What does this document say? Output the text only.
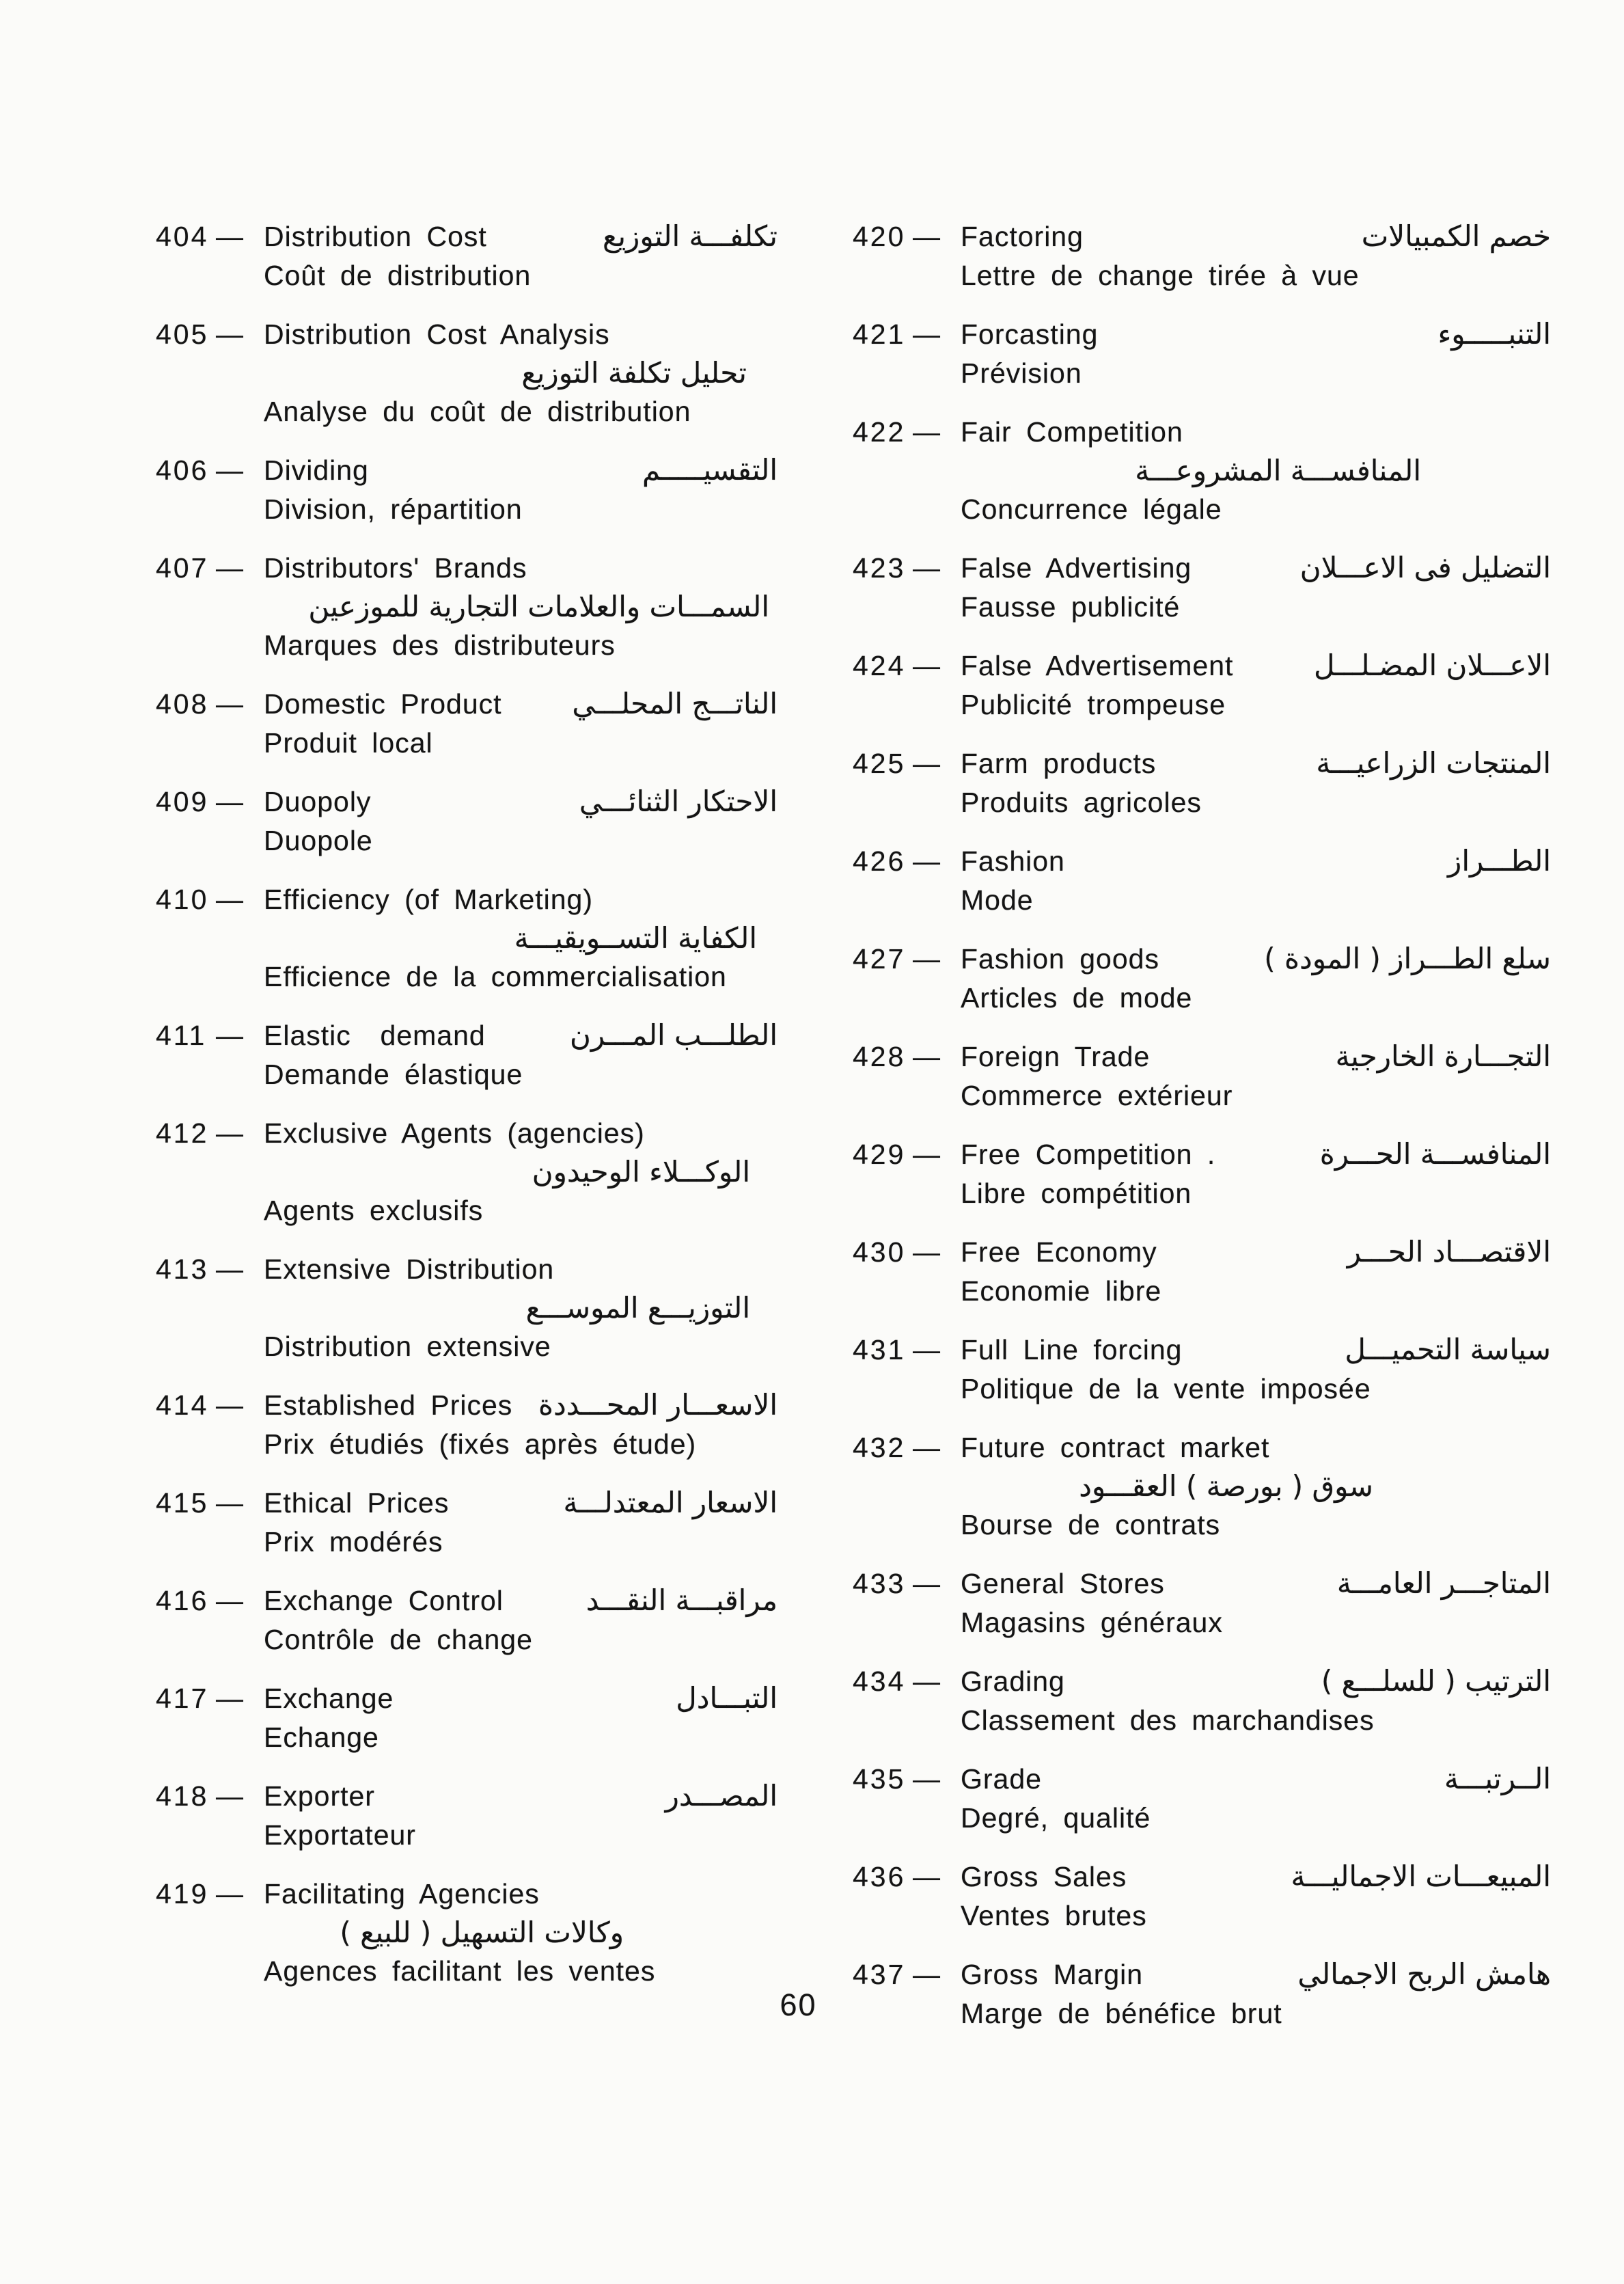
404 — Distribution Cost	تكلفـــة التوزيع
Coût de distribution
405 — Distribution Cost Analysis
تحليل تكلفة التوزيع
Analyse du coût de distribution
406 — Dividing	التقسيـــــم
Division, répartition
407 — Distributors' Brands
السمـــات والعلامات التجارية للموزعين
Marques des distributeurs
408 — Domestic Product الناتـــج المحلـــي
Produit local
409 — Duopoly	الاحتكار الثنائـــي
Duopole
410 — Efficiency (of Marketing)
الكفاية التســويقيـــة
Efficience de la commercialisation
411 — Elastic  demand	الطلـــب المـــرن
Demande élastique
412 — Exclusive Agents (agencies)
الوكـــلاء الوحيدون
Agents exclusifs
413 — Extensive Distribution
التوزيـــع الموســـع
Distribution extensive
414 — Established Prices الاسعـــار المحـــددة
Prix étudiés (fixés après étude)
415 — Ethical Prices	الاسعار المعتدلـــة
Prix modérés
416 — Exchange Control	مراقبـــة النقـــد
Contrôle de change
417 — Exchange	التبـــادل
Echange
418 — Exporter	المصـــدر
Exportateur
419 — Facilitating Agencies
وكالات التسهيل ( للبيع )
Agences facilitant les ventes
420 — Factoring	خصم الكمبيالات
Lettre de change tirée à vue
421 — Forcasting	التنبـــــوء
Prévision
422 — Fair Competition
المنافســـة المشروعـــة
Concurrence légale
423 — False Advertising	التضليل فى الاعـــلان
Fausse publicité
424 — False Advertisement	الاعـــلان المضـلـــل
Publicité trompeuse
425 — Farm products	المنتجات الزراعيـــة
Produits agricoles
426 — Fashion	الطـــراز
Mode
427 — Fashion goods	سلع الطـــراز ( المودة )
Articles de mode
428 — Foreign Trade	التجـــارة الخارجية
Commerce extérieur
429 — Free Competition .	المنافســـة الحـــرة
Libre compétition
430 — Free Economy	الاقتصـــاد الحـــر
Economie libre
431 — Full Line forcing	سياسة التحميـــل
Politique de la vente imposée
432 — Future contract market
سوق ( بورصة ) العقـــود
Bourse de contrats
433 — General Stores	المتاجـــر العامـــة
Magasins généraux
434 — Grading	الترتيب ( للسلـــع )
Classement des marchandises
435 — Grade	الــرتبـــة
Degré, qualité
436 — Gross Sales	المبيعـــات الاجماليـــة
Ventes brutes
437 — Gross Margin	هامش الربح الاجمالي
Marge de bénéfice brut
60
